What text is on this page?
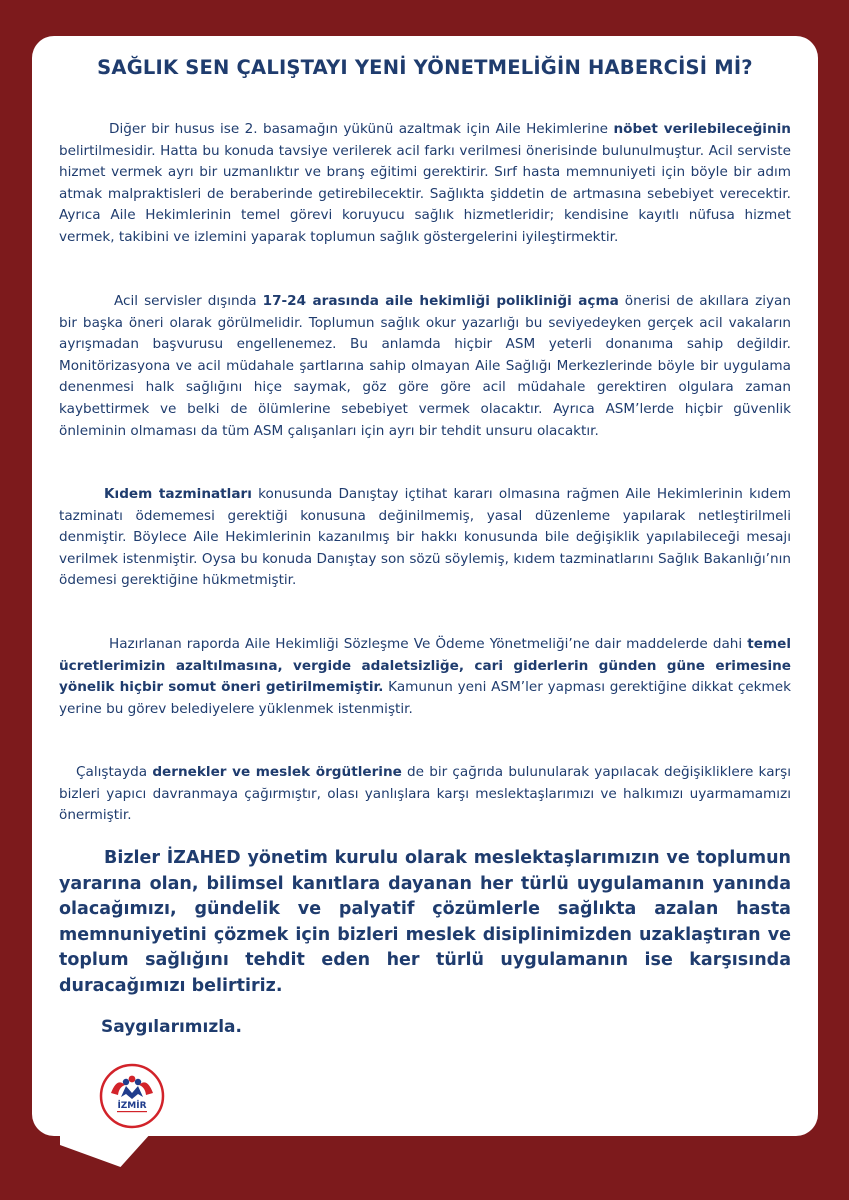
SAĞLIK SEN ÇALIŞTAYI YENİ YÖNETMELİĞİN HABERCİSİ Mİ?

Diğer bir husus ise 2. basamağın yükünü azaltmak için Aile Hekimlerine nöbet verilebileceğinin belirtilmesidir. Hatta bu konuda tavsiye verilerek acil farkı verilmesi önerisinde bulunulmuştur. Acil serviste hizmet vermek ayrı bir uzmanlıktır ve branş eğitimi gerektirir. Sırf hasta memnuniyeti için böyle bir adım atmak malpraktisleri de beraberinde getirebilecektir. Sağlıkta şiddetin de artmasına sebebiyet verecektir. Ayrıca Aile Hekimlerinin temel görevi koruyucu sağlık hizmetleridir; kendisine kayıtlı nüfusa hizmet vermek, takibini ve izlemini yaparak toplumun sağlık göstergelerini iyileştirmektir.

Acil servisler dışında 17-24 arasında aile hekimliği polikliniği açma önerisi de akıllara ziyan bir başka öneri olarak görülmelidir. Toplumun sağlık okur yazarlığı bu seviyedeyken gerçek acil vakaların ayrışmadan başvurusu engellenemez. Bu anlamda hiçbir ASM yeterli donanıma sahip değildir. Monitörizasyona ve acil müdahale şartlarına sahip olmayan Aile Sağlığı Merkezlerinde böyle bir uygulama denenmesi halk sağlığını hiçe saymak, göz göre göre acil müdahale gerektiren olgulara zaman kaybettirmek ve belki de ölümlerine sebebiyet vermek olacaktır. Ayrıca ASM’lerde hiçbir güvenlik önleminin olmaması da tüm ASM çalışanları için ayrı bir tehdit unsuru olacaktır.

Kıdem tazminatları konusunda Danıştay içtihat kararı olmasına rağmen Aile Hekimlerinin kıdem tazminatı ödememesi gerektiği konusuna değinilmemiş, yasal düzenleme yapılarak netleştirilmeli denmiştir. Böylece Aile Hekimlerinin kazanılmış bir hakkı konusunda bile değişiklik yapılabileceği mesajı verilmek istenmiştir. Oysa bu konuda Danıştay son sözü söylemiş, kıdem tazminatlarını Sağlık Bakanlığı’nın ödemesi gerektiğine hükmetmiştir.

Hazırlanan raporda Aile Hekimliği Sözleşme Ve Ödeme Yönetmeliği’ne dair maddelerde dahi temel ücretlerimizin azaltılmasına, vergide adaletsizliğe, cari giderlerin günden güne erimesine yönelik hiçbir somut öneri getirilmemiştir. Kamunun yeni ASM’ler yapması gerektiğine dikkat çekmek yerine bu görev belediyelere yüklenmek istenmiştir.

Çalıştayda dernekler ve meslek örgütlerine de bir çağrıda bulunularak yapılacak değişikliklere karşı bizleri yapıcı davranmaya çağırmıştır, olası yanlışlara karşı meslektaşlarımızı ve halkımızı uyarmamamızı önermiştir.

Bizler İZAHED yönetim kurulu olarak meslektaşlarımızın ve toplumun yararına olan, bilimsel kanıtlara dayanan her türlü uygulamanın yanında olacağımızı, gündelik ve palyatif çözümlerle sağlıkta azalan hasta memnuniyetini çözmek için bizleri meslek disiplinimizden uzaklaştıran ve toplum sağlığını tehdit eden her türlü uygulamanın ise karşısında duracağımızı belirtiriz.

Saygılarımızla.

İZMİR
